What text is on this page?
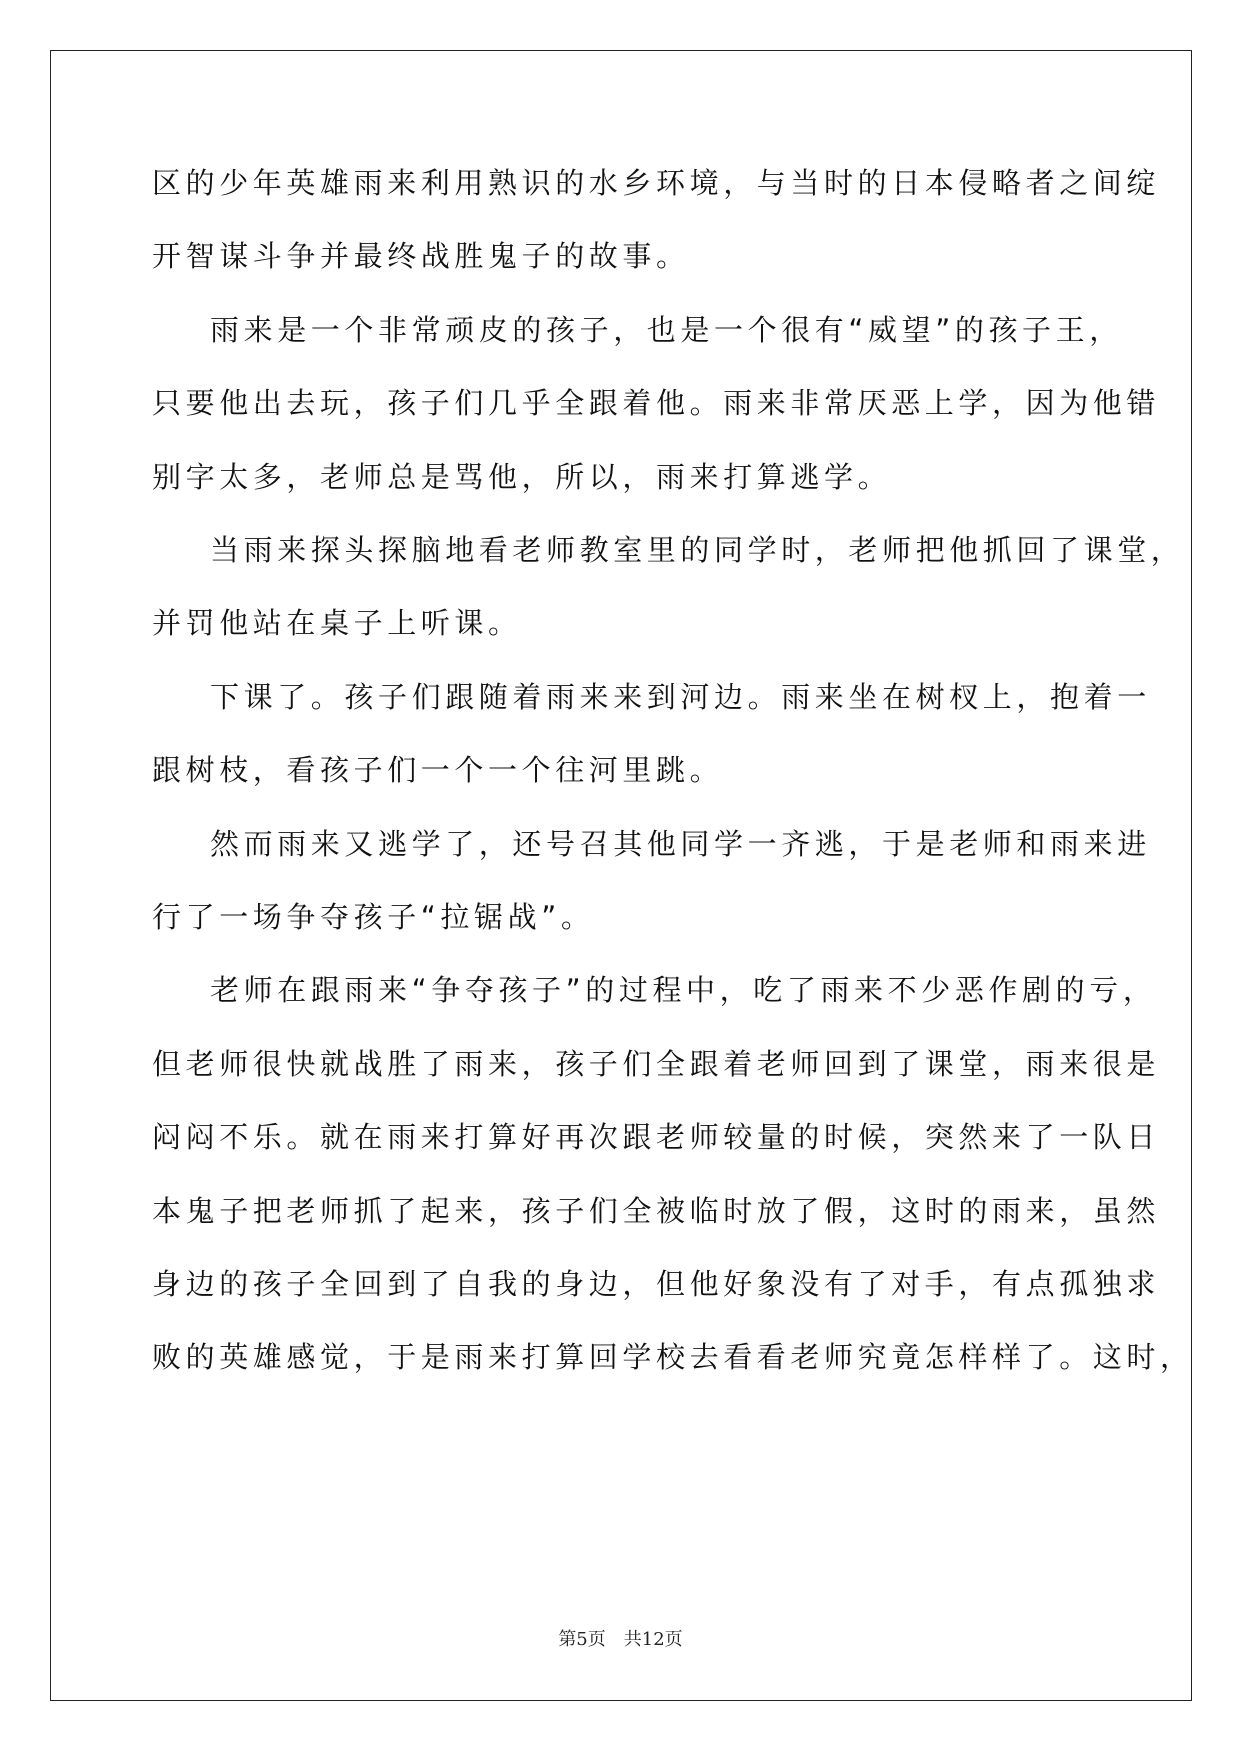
区的少年英雄雨来利用熟识的水乡环境，与当时的日本侵略者之间绽
开智谋斗争并最终战胜鬼子的故事。
雨来是一个非常顽皮的孩子，也是一个很有“威望”的孩子王，
只要他出去玩，孩子们几乎全跟着他。雨来非常厌恶上学，因为他错
别字太多，老师总是骂他，所以，雨来打算逃学。
当雨来探头探脑地看老师教室里的同学时，老师把他抓回了课堂，
并罚他站在桌子上听课。
下课了。孩子们跟随着雨来来到河边。雨来坐在树杈上，抱着一
跟树枝，看孩子们一个一个往河里跳。
然而雨来又逃学了，还号召其他同学一齐逃，于是老师和雨来进
行了一场争夺孩子“拉锯战”。
老师在跟雨来“争夺孩子”的过程中，吃了雨来不少恶作剧的亏，
但老师很快就战胜了雨来，孩子们全跟着老师回到了课堂，雨来很是
闷闷不乐。就在雨来打算好再次跟老师较量的时候，突然来了一队日
本鬼子把老师抓了起来，孩子们全被临时放了假，这时的雨来，虽然
身边的孩子全回到了自我的身边，但他好象没有了对手，有点孤独求
败的英雄感觉，于是雨来打算回学校去看看老师究竟怎样样了。这时，
第5页 共12页
